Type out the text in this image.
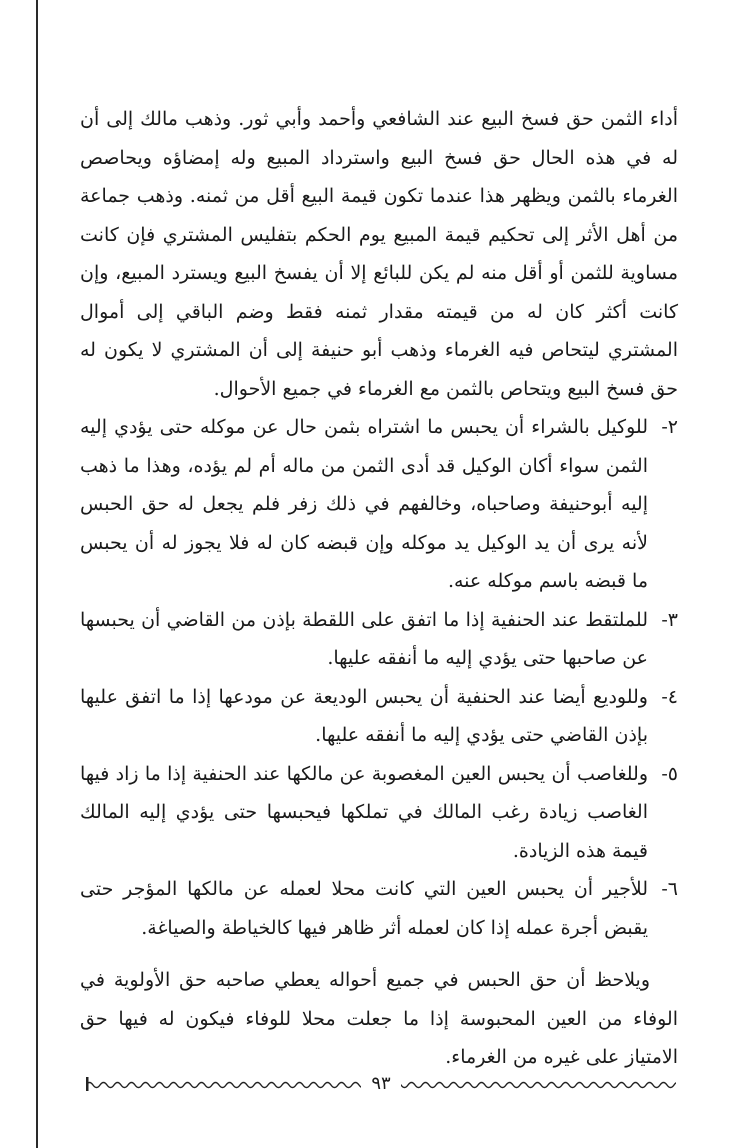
أداء الثمن حق فسخ البيع عند الشافعي وأحمد وأبي ثور. وذهب مالك إلى أن له في هذه الحال حق فسخ البيع واسترداد المبيع وله إمضاؤه ويحاصص الغرماء بالثمن ويظهر هذا عندما تكون قيمة البيع أقل من ثمنه. وذهب جماعة من أهل الأثر إلى تحكيم قيمة المبيع يوم الحكم بتفليس المشتري فإن كانت مساوية للثمن أو أقل منه لم يكن للبائع إلا أن يفسخ البيع ويسترد المبيع، وإن كانت أكثر كان له من قيمته مقدار ثمنه فقط وضم الباقي إلى أموال المشتري ليتحاص فيه الغرماء وذهب أبو حنيفة إلى أن المشتري لا يكون له حق فسخ البيع ويتحاص بالثمن مع الغرماء في جميع الأحوال.

٢-
للوكيل بالشراء أن يحبس ما اشتراه بثمن حال عن موكله حتى يؤدي إليه الثمن سواء أكان الوكيل قد أدى الثمن من ماله أم لم يؤده، وهذا ما ذهب إليه أبوحنيفة وصاحباه، وخالفهم في ذلك زفر فلم يجعل له حق الحبس لأنه يرى أن يد الوكيل يد موكله وإن قبضه كان له فلا يجوز له أن يحبس ما قبضه باسم موكله عنه.
٣-
للملتقط عند الحنفية إذا ما اتفق على اللقطة بإذن من القاضي أن يحبسها عن صاحبها حتى يؤدي إليه ما أنفقه عليها.
٤-
وللوديع أيضا عند الحنفية أن يحبس الوديعة عن مودعها إذا ما اتفق عليها بإذن القاضي حتى يؤدي إليه ما أنفقه عليها.
٥-
وللغاصب أن يحبس العين المغصوبة عن مالكها عند الحنفية إذا ما زاد فيها الغاصب زيادة رغب المالك في تملكها فيحبسها حتى يؤدي إليه المالك قيمة هذه الزيادة.
٦-
للأجير أن يحبس العين التي كانت محلا لعمله عن مالكها المؤجر حتى يقبض أجرة عمله إذا كان لعمله أثر ظاهر فيها كالخياطة والصياغة.

ويلاحظ أن حق الحبس في جميع أحواله يعطي صاحبه حق الأولوية في الوفاء من العين المحبوسة إذا ما جعلت محلا للوفاء فيكون له فيها حق الامتياز على غيره من الغرماء.

٩٣
